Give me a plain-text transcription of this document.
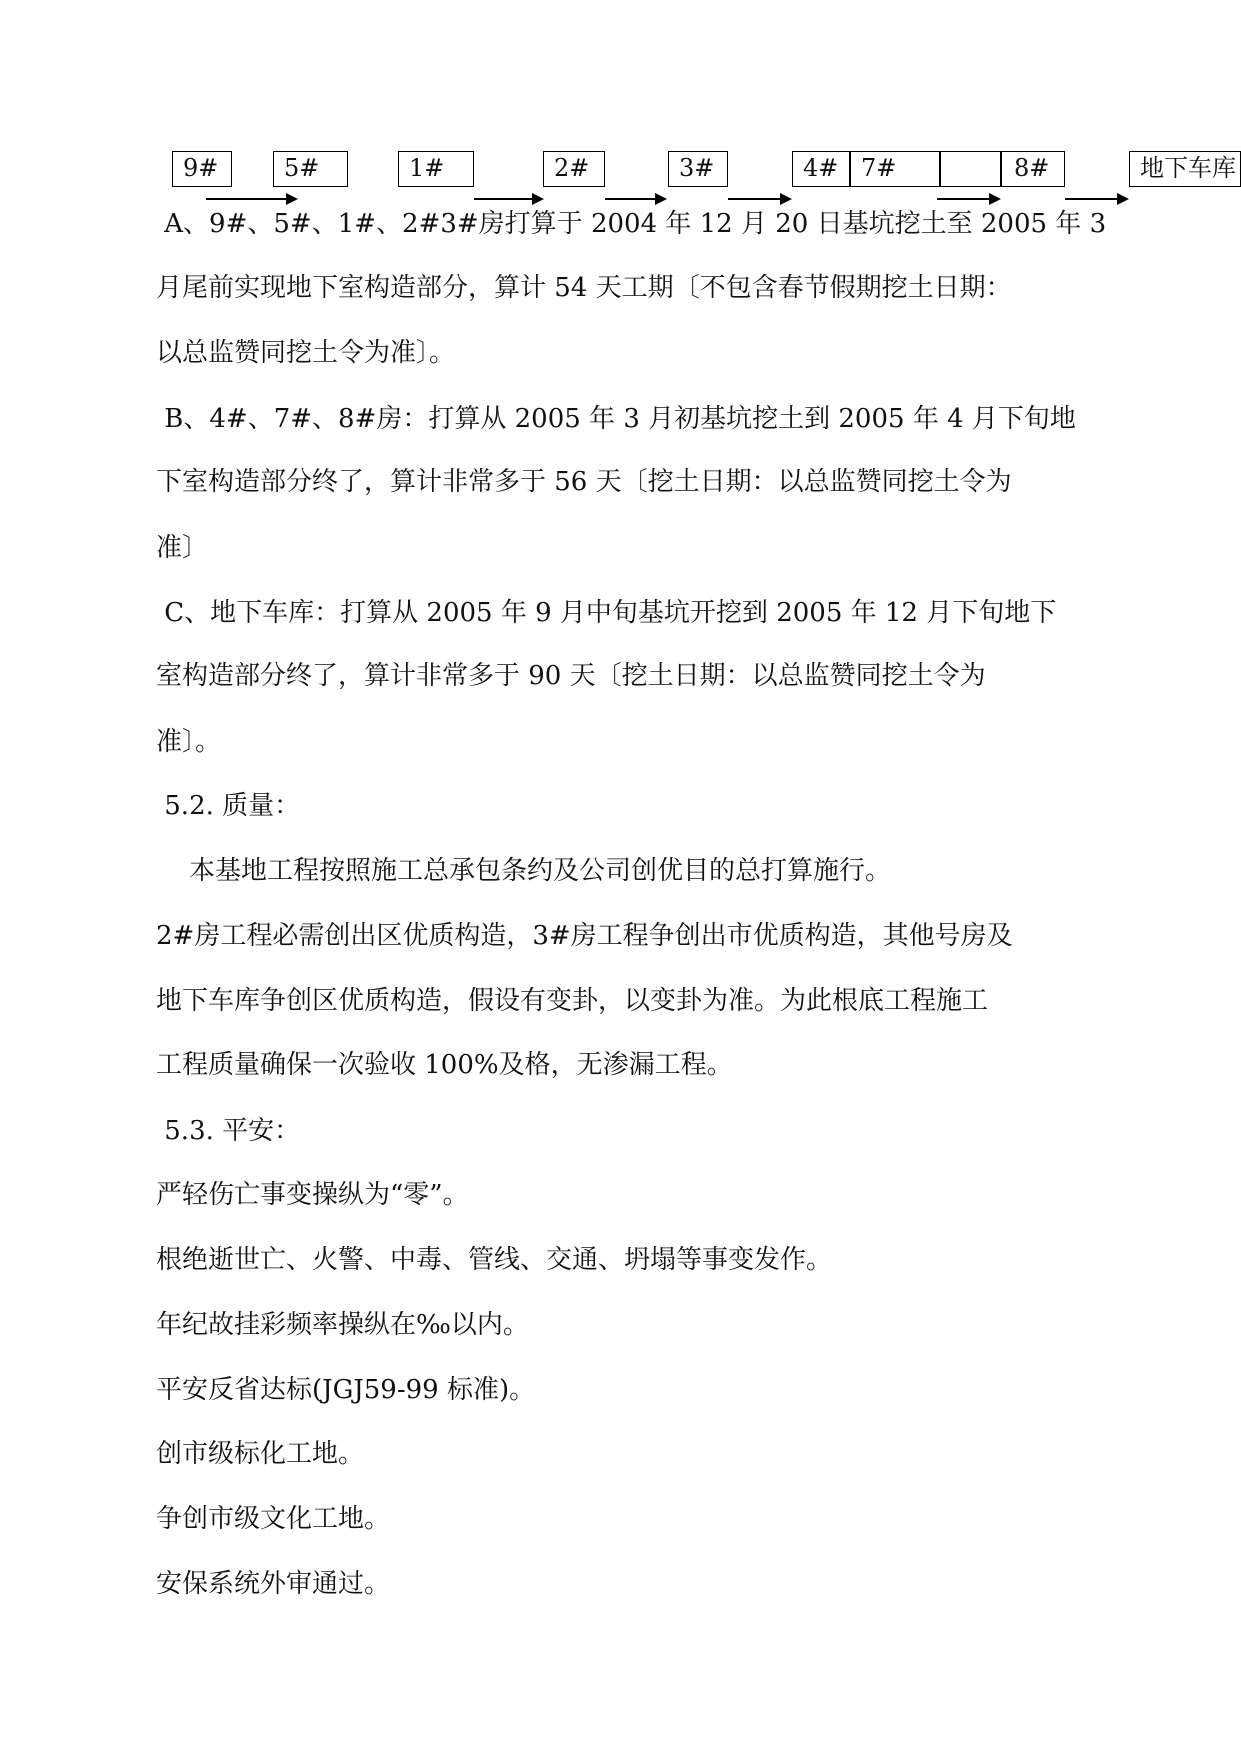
9#	5#	1#	2#	3#	4# 7#	8#	地下车库
A、9#、5#、1#、2#3#房打算于 2004 年 12 月 20 日基坑挖土至 2005 年 3
月尾前实现地下室构造部分，算计 54 天工期〔不包含春节假期挖土日期：
以总监赞同挖土令为准〕。
B、4#、7#、8#房：打算从 2005 年 3 月初基坑挖土到 2005 年 4 月下旬地
下室构造部分终了，算计非常多于 56 天〔挖土日期：以总监赞同挖土令为
准〕
C、地下车库：打算从 2005 年 9 月中旬基坑开挖到 2005 年 12 月下旬地下
室构造部分终了，算计非常多于 90 天〔挖土日期：以总监赞同挖土令为
准〕。
5.2. 质量：
本基地工程按照施工总承包条约及公司创优目的总打算施行。
2#房工程必需创出区优质构造，3#房工程争创出市优质构造，其他号房及
地下车库争创区优质构造，假设有变卦，以变卦为准。为此根底工程施工
工程质量确保一次验收 100%及格，无渗漏工程。
5.3. 平安：
严轻伤亡事变操纵为“零”。
根绝逝世亡、火警、中毒、管线、交通、坍塌等事变发作。
年纪故挂彩频率操纵在‰以内。
平安反省达标(JGJ59-99 标准)。
创市级标化工地。
争创市级文化工地。
安保系统外审通过。
